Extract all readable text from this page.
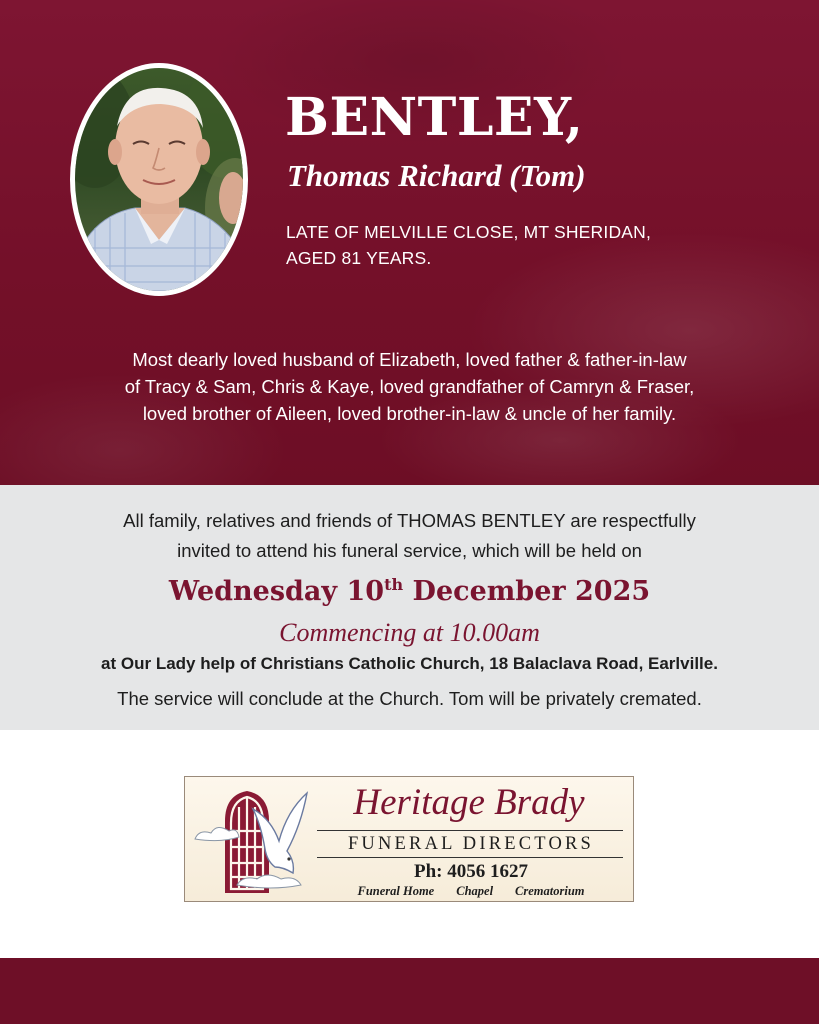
BENTLEY,
Thomas Richard (Tom)
LATE OF MELVILLE CLOSE, MT SHERIDAN,
AGED 81 YEARS.
Most dearly loved husband of Elizabeth, loved father & father-in-law
of Tracy & Sam, Chris & Kaye, loved grandfather of Camryn & Fraser,
loved brother of Aileen, loved brother-in-law & uncle of her family.
All family, relatives and friends of THOMAS BENTLEY are respectfully
invited to attend his funeral service, which will be held on
Wednesday 10th December 2025
Commencing at 10.00am
at Our Lady help of Christians Catholic Church, 18 Balaclava Road, Earlville.
The service will conclude at the Church. Tom will be privately cremated.
Heritage Brady
FUNERAL DIRECTORS
Ph: 4056 1627
Funeral Home Chapel Crematorium
